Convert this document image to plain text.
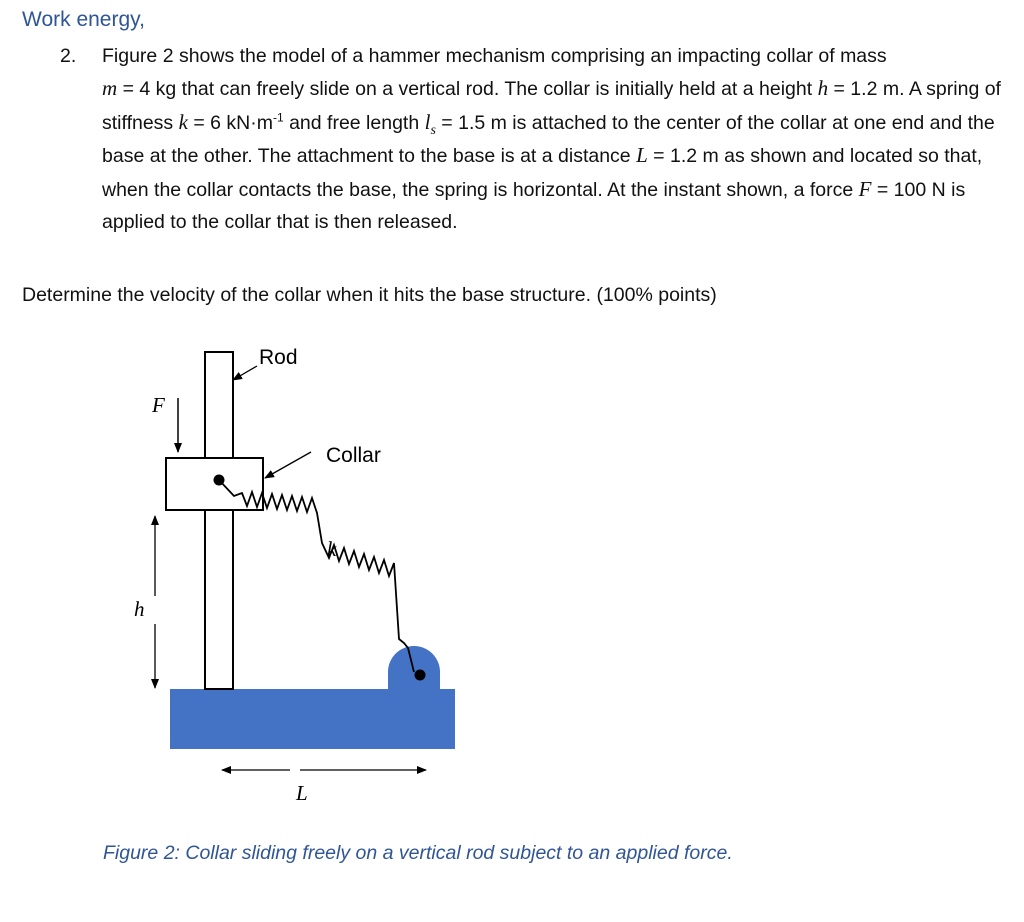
Work energy,
2. Figure 2 shows the model of a hammer mechanism comprising an impacting collar of mass
m = 4 kg that can freely slide on a vertical rod. The collar is initially held at a height h = 1.2 m. A spring of stiffness k = 6 $kN\cdot m^{-1}$ and free length $l_s = 1.5$ m is attached to the center of the collar at one end and the base at the other. The attachment to the base is at a distance L = 1.2 m as shown and located so that, when the collar contacts the base, the spring is horizontal. At the instant shown, a force F = 100 N is applied to the collar that is then released.
Determine the velocity of the collar when it hits the base structure. (100% points)
F
Rod
Collar
k
h
L
Figure 2: Collar sliding freely on a vertical rod subject to an applied force.
